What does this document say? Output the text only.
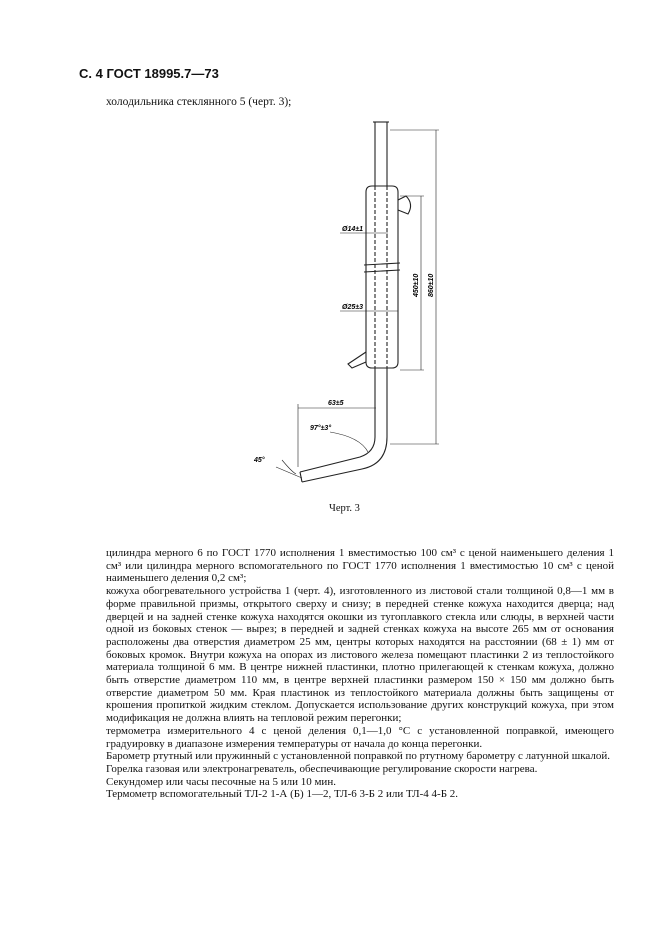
С. 4 ГОСТ 18995.7—73
холодильника стеклянного 5 (черт. 3);
Ø14±1
Ø25±3
450±10 860±10
63±5
97°±3°
45°
Черт. 3

цилиндра мерного 6 по ГОСТ 1770 исполнения 1 вместимостью 100 см³ с ценой наименьшего деления 1 см³ или цилиндра мерного вспомогательного по ГОСТ 1770 исполнения 1 вместимостью 10 см³ с ценой наименьшего деления 0,2 см³;

кожуха обогревательного устройства 1 (черт. 4), изготовленного из листовой стали толщиной 0,8—1 мм в форме правильной призмы, открытого сверху и снизу; в передней стенке кожуха находится дверца; над дверцей и на задней стенке кожуха находятся окошки из тугоплавкого стекла или слюды, в верхней части одной из боковых стенок — вырез; в передней и задней стенках кожуха на высоте 265 мм от основания расположены два отверстия диаметром 25 мм, центры которых находятся на расстоянии (68 ± 1) мм от боковых кромок. Внутри кожуха на опорах из листового железа помещают пластинки 2 из теплостойкого материала толщиной 6 мм. В центре нижней пластинки, плотно прилегающей к стенкам кожуха, должно быть отверстие диаметром 110 мм, в центре верхней пластинки размером 150 × 150 мм должно быть отверстие диаметром 50 мм. Края пластинок из теплостойкого материала должны быть защищены от крошения пропиткой жидким стеклом. Допускается использование других конструкций кожуха, при этом модификация не должна влиять на тепловой режим перегонки;

термометра измерительного 4 с ценой деления 0,1—1,0 °С с установленной поправкой, имеющего градуировку в диапазоне измерения температуры от начала до конца перегонки.

Барометр ртутный или пружинный с установленной поправкой по ртутному барометру с латунной шкалой.

Горелка газовая или электронагреватель, обеспечивающие регулирование скорости нагрева.

Секундомер или часы песочные на 5 или 10 мин.

Термометр вспомогательный ТЛ-2 1-А (Б) 1—2, ТЛ-6 3-Б 2 или ТЛ-4 4-Б 2.
